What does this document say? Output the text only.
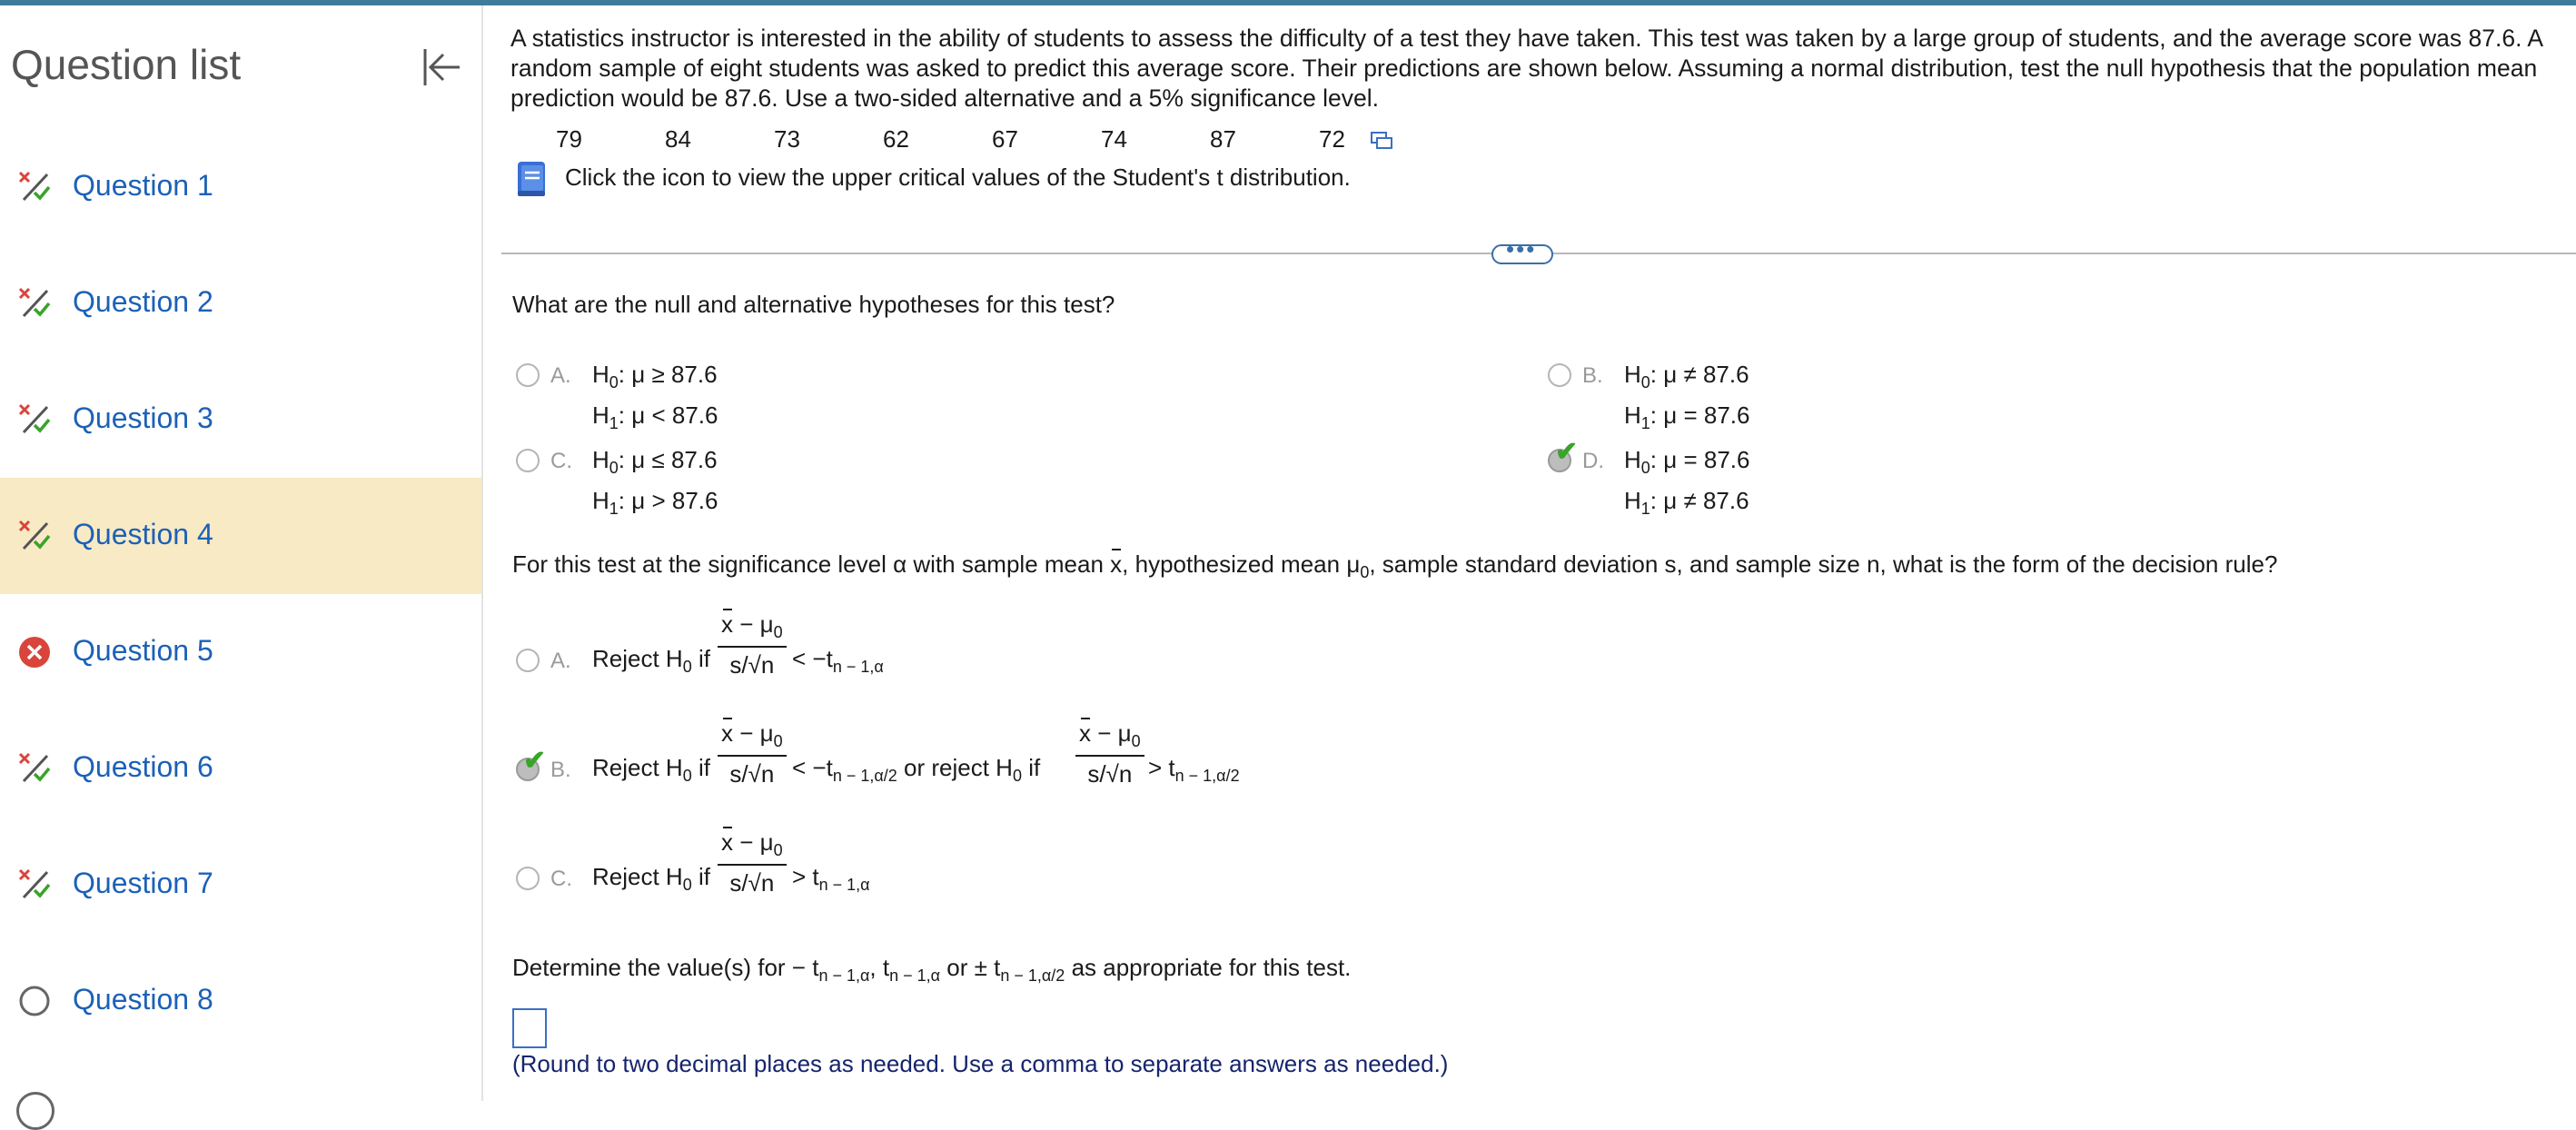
Question list
Question 1
Question 2
Question 3
Question 4
Question 5
Question 6
Question 7
Question 8
A statistics instructor is interested in the ability of students to assess the difficulty of a test they have taken. This test was taken by a large group of students, and the average score was 87.6. A random sample of eight students was asked to predict this average score. Their predictions are shown below. Assuming a normal distribution, test the null hypothesis that the population mean prediction would be 87.6. Use a two-sided alternative and a 5% significance level.
79	84	73	62	67	74	87	72
Click the icon to view the upper critical values of the Student's t distribution.
•••
What are the null and alternative hypotheses for this test?
A. $H_0$: μ ≥ 87.6
$H_1$: μ < 87.6
B. $H_0$: μ ≠ 87.6
$H_1$: μ = 87.6
C. $H_0$: μ ≤ 87.6
$H_1$: μ > 87.6
✔ D. $H_0$: μ = 87.6
$H_1$: μ ≠ 87.6
For this test at the significance level α with sample mean x, hypothesized mean $\mu_0$, sample standard deviation s, and sample size n, what is the form of the decision rule?
A. Reject $H_0$ if
$x - \mu_0$
$s/√n < -t_{n - 1,\alpha}$
✔ B. Reject $H_0$ if
$x - \mu_0$
$s/√n < -t_{n - 1,\alpha/2}$ or reject $H_0$ if
$x - \mu_0$
$s/√n > t_{n - 1,\alpha/2}$
C. Reject $H_0$ if
$x - \mu_0$
$s/√n > t_{n - 1,\alpha}$
Determine the value(s) for − $t_{n - 1,\alpha}$, $t_{n - 1,\alpha}$ or ± $t_{n - 1,\alpha/2}$ as appropriate for this test.
(Round to two decimal places as needed. Use a comma to separate answers as needed.)
